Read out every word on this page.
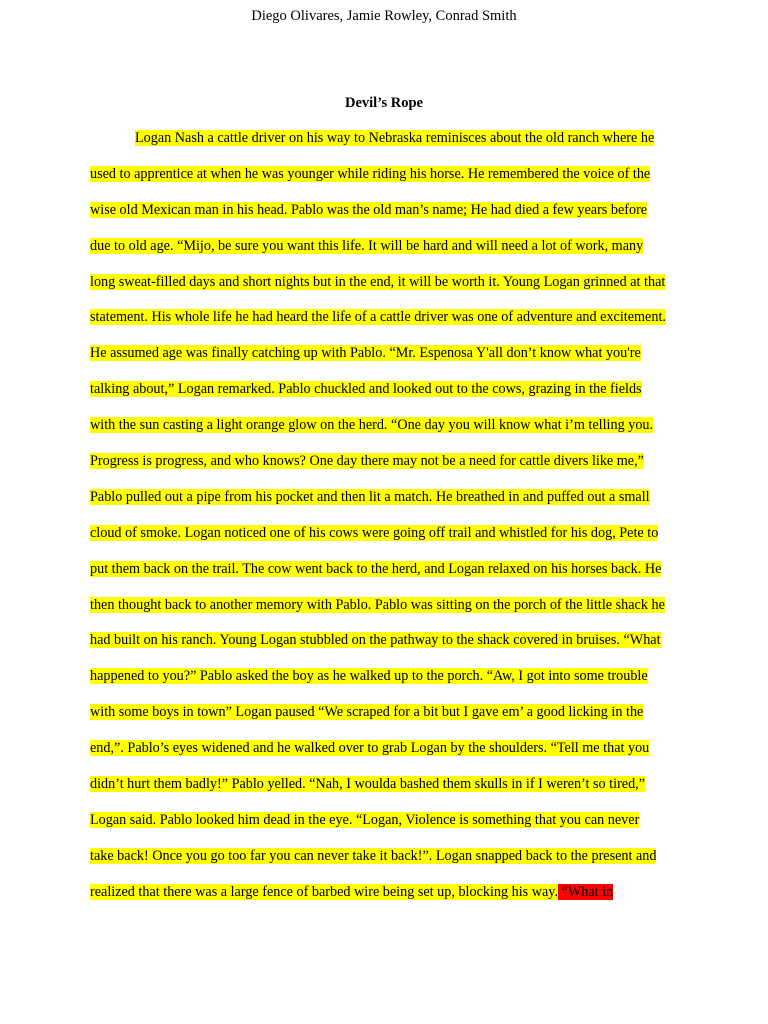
Diego Olivares, Jamie Rowley, Conrad Smith
Devil’s Rope
Logan Nash a cattle driver on his way to Nebraska reminisces about the old ranch where he
used to apprentice at when he was younger while riding his horse. He remembered the voice of the
wise old Mexican man in his head. Pablo was the old man’s name; He had died a few years before
due to old age. “Mijo, be sure you want this life. It will be hard and will need a lot of work, many
long sweat-filled days and short nights but in the end, it will be worth it. Young Logan grinned at that
statement. His whole life he had heard the life of a cattle driver was one of adventure and excitement.
He assumed age was finally catching up with Pablo. “Mr. Espenosa Y'all don’t know what you're
talking about,” Logan remarked. Pablo chuckled and looked out to the cows, grazing in the fields
with the sun casting a light orange glow on the herd. “One day you will know what i’m telling you.
Progress is progress, and who knows? One day there may not be a need for cattle divers like me,”
Pablo pulled out a pipe from his pocket and then lit a match. He breathed in and puffed out a small
cloud of smoke. Logan noticed one of his cows were going off trail and whistled for his dog, Pete to
put them back on the trail. The cow went back to the herd, and Logan relaxed on his horses back. He
then thought back to another memory with Pablo. Pablo was sitting on the porch of the little shack he
had built on his ranch. Young Logan stubbled on the pathway to the shack covered in bruises. “What
happened to you?” Pablo asked the boy as he walked up to the porch. “Aw, I got into some trouble
with some boys in town” Logan paused “We scraped for a bit but I gave em’ a good licking in the
end,”. Pablo’s eyes widened and he walked over to grab Logan by the shoulders. “Tell me that you
didn’t hurt them badly!” Pablo yelled. “Nah, I woulda bashed them skulls in if I weren’t so tired,”
Logan said. Pablo looked him dead in the eye. “Logan, Violence is something that you can never
take back! Once you go too far you can never take it back!”. Logan snapped back to the present and
realized that there was a large fence of barbed wire being set up, blocking his way. “What in
